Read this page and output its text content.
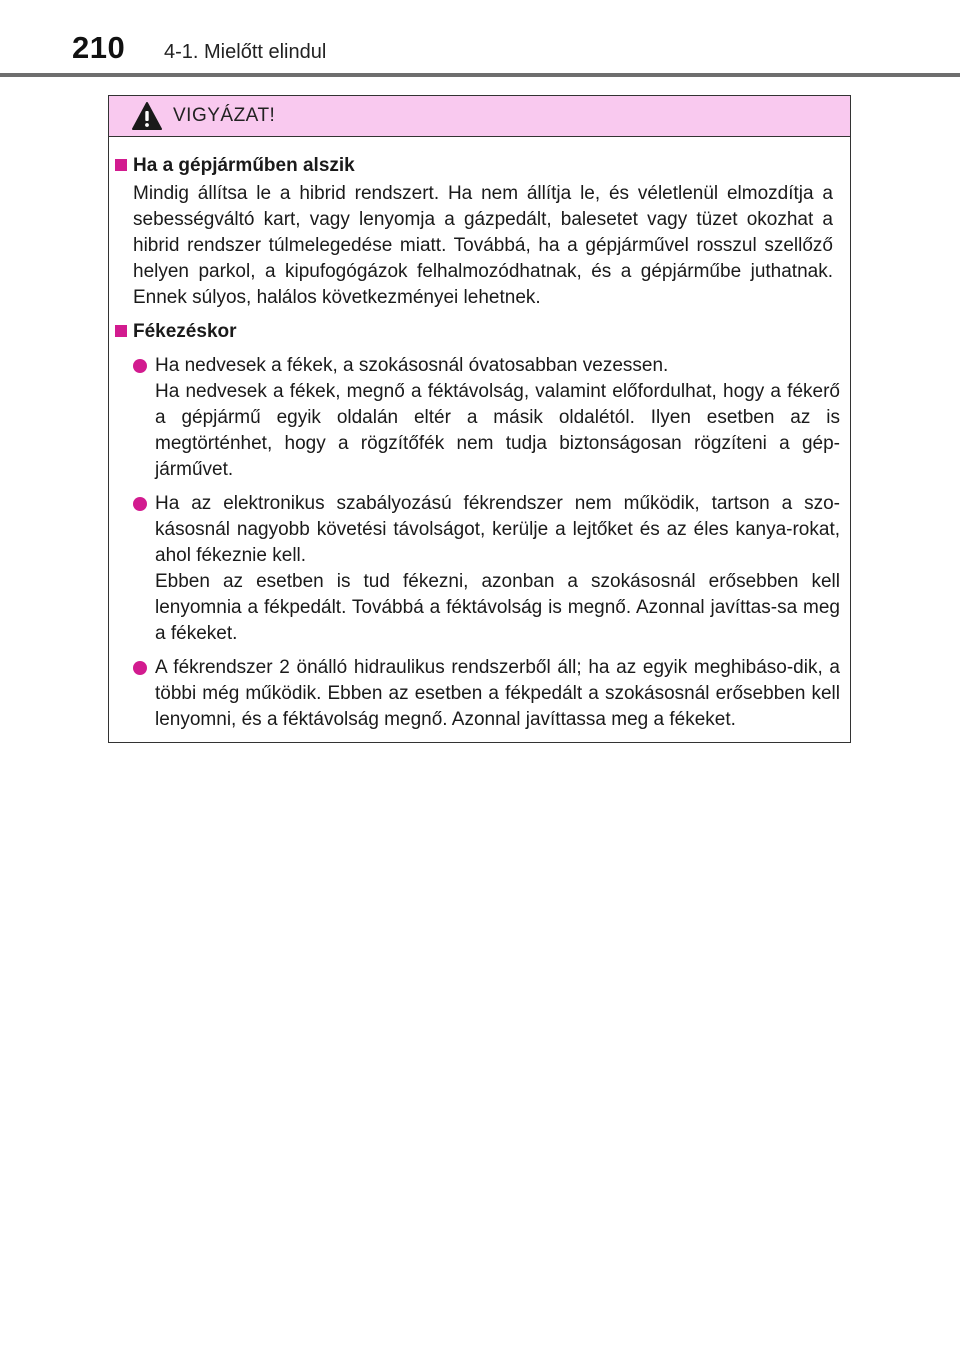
210 4-1. Mielőtt elindul
VIGYÁZAT!
Ha a gépjárműben alszik
Mindig állítsa le a hibrid rendszert. Ha nem állítja le, és véletlenül elmozdítja a sebességváltó kart, vagy lenyomja a gázpedált, balesetet vagy tüzet okozhat a hibrid rendszer túlmelegedése miatt. Továbbá, ha a gépjárművel rosszul szellőző helyen parkol, a kipufogógázok felhalmozódhatnak, és a gépjárműbe juthatnak. Ennek súlyos, halálos következményei lehetnek.
Fékezéskor
Ha nedvesek a fékek, a szokásosnál óvatosabban vezessen.
Ha nedvesek a fékek, megnő a féktávolság, valamint előfordulhat, hogy a fékerő a gépjármű egyik oldalán eltér a másik oldalétól. Ilyen esetben az is megtörténhet, hogy a rögzítőfék nem tudja biztonságosan rögzíteni a gép-járművet.
Ha az elektronikus szabályozású fékrendszer nem működik, tartson a szo-kásosnál nagyobb követési távolságot, kerülje a lejtőket és az éles kanya-rokat, ahol fékeznie kell.
Ebben az esetben is tud fékezni, azonban a szokásosnál erősebben kell lenyomnia a fékpedált. Továbbá a féktávolság is megnő. Azonnal javíttas-sa meg a fékeket.
A fékrendszer 2 önálló hidraulikus rendszerből áll; ha az egyik meghibáso-dik, a többi még működik. Ebben az esetben a fékpedált a szokásosnál erősebben kell lenyomni, és a féktávolság megnő. Azonnal javíttassa meg a fékeket.
